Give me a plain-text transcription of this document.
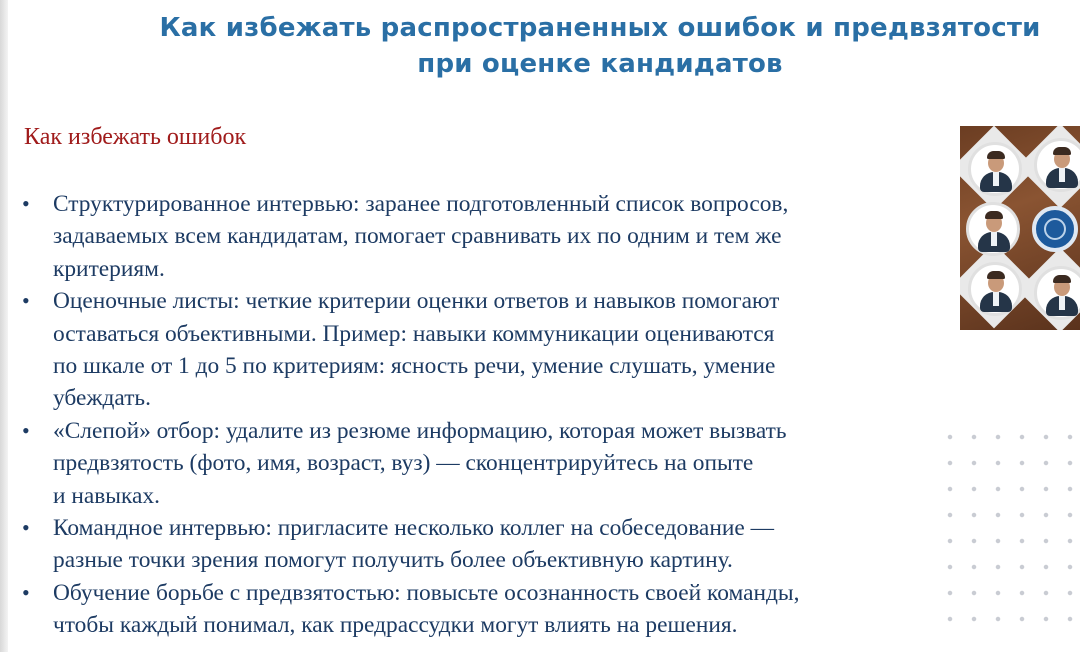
Как избежать распространенных ошибок и предвзятости
при оценке кандидатов
Как избежать ошибок
• Структурированное интервью: заранее подготовленный список вопросов,
задаваемых всем кандидатам, помогает сравнивать их по одним и тем же
критериям.
• Оценочные листы: четкие критерии оценки ответов и навыков помогают
оставаться объективными. Пример: навыки коммуникации оцениваются
по шкале от 1 до 5 по критериям: ясность речи, умение слушать, умение
убеждать.
• «Слепой» отбор: удалите из резюме информацию, которая может вызвать
предвзятость (фото, имя, возраст, вуз) — сконцентрируйтесь на опыте
и навыках.
• Командное интервью: пригласите несколько коллег на собеседование —
разные точки зрения помогут получить более объективную картину.
• Обучение борьбе с предвзятостью: повысьте осознанность своей команды,
чтобы каждый понимал, как предрассудки могут влиять на решения.
